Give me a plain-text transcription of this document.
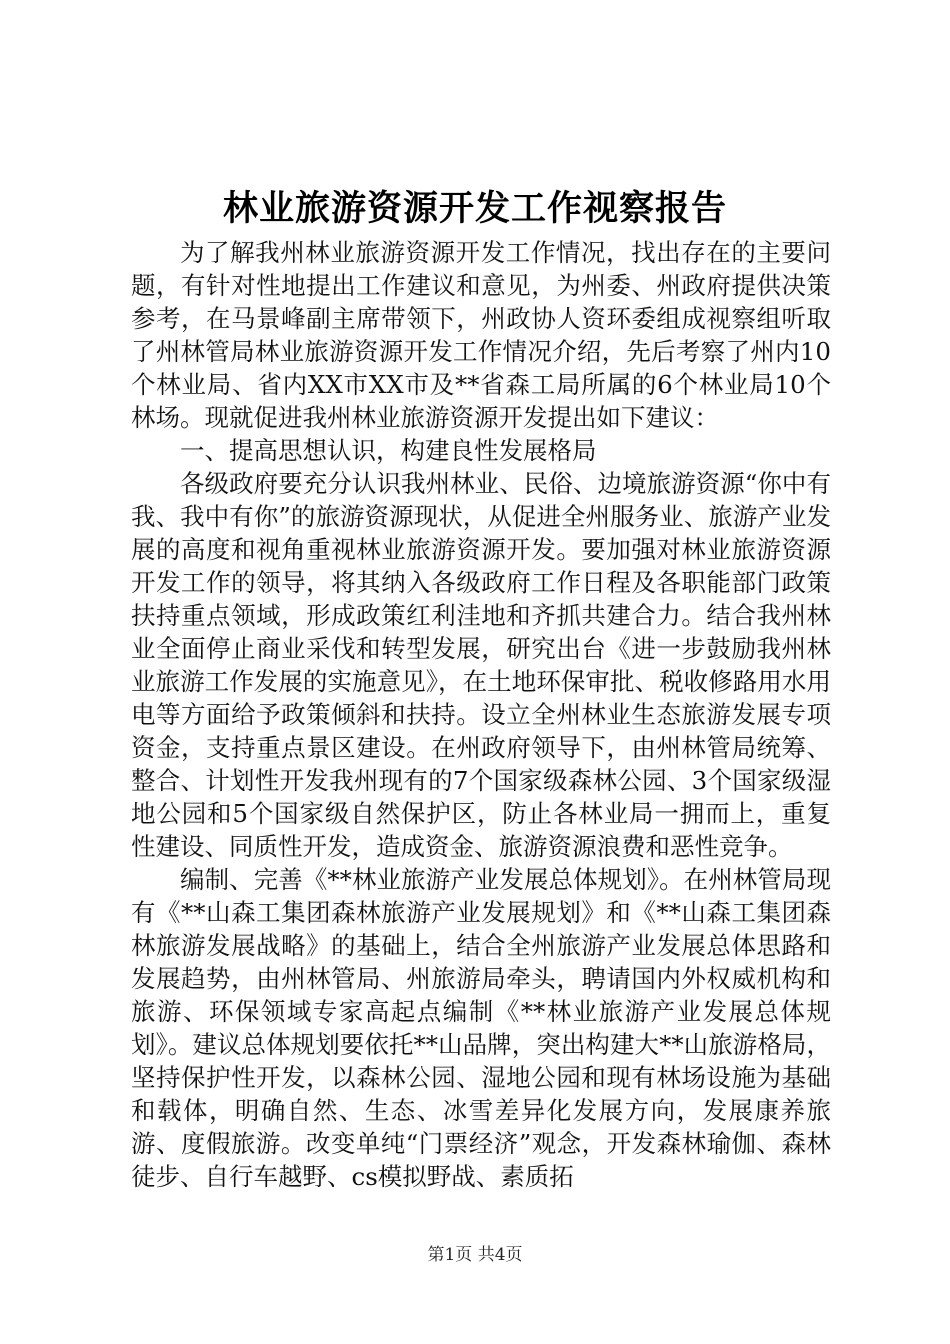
林业旅游资源开发工作视察报告

为了解我州林业旅游资源开发工作情况，找出存在的主要问题，有针对性地提出工作建议和意见，为州委、州政府提供决策参考，在马景峰副主席带领下，州政协人资环委组成视察组听取了州林管局林业旅游资源开发工作情况介绍，先后考察了州内10个林业局、省内XX市XX市及**省森工局所属的6个林业局10个林场。现就促进我州林业旅游资源开发提出如下建议：

一、提高思想认识，构建良性发展格局

各级政府要充分认识我州林业、民俗、边境旅游资源“你中有我、我中有你”的旅游资源现状，从促进全州服务业、旅游产业发展的高度和视角重视林业旅游资源开发。要加强对林业旅游资源开发工作的领导，将其纳入各级政府工作日程及各职能部门政策扶持重点领域，形成政策红利洼地和齐抓共建合力。结合我州林业全面停止商业采伐和转型发展，研究出台《进一步鼓励我州林业旅游工作发展的实施意见》，在土地环保审批、税收修路用水用电等方面给予政策倾斜和扶持。设立全州林业生态旅游发展专项资金，支持重点景区建设。在州政府领导下，由州林管局统筹、整合、计划性开发我州现有的7个国家级森林公园、3个国家级湿地公园和5个国家级自然保护区，防止各林业局一拥而上，重复性建设、同质性开发，造成资金、旅游资源浪费和恶性竞争。

编制、完善《**林业旅游产业发展总体规划》。在州林管局现有《**山森工集团森林旅游产业发展规划》和《**山森工集团森林旅游发展战略》的基础上，结合全州旅游产业发展总体思路和发展趋势，由州林管局、州旅游局牵头，聘请国内外权威机构和旅游、环保领域专家高起点编制《**林业旅游产业发展总体规划》。建议总体规划要依托**山品牌，突出构建大**山旅游格局，坚持保护性开发，以森林公园、湿地公园和现有林场设施为基础和载体，明确自然、生态、冰雪差异化发展方向，发展康养旅游、度假旅游。改变单纯“门票经济”观念，开发森林瑜伽、森林徒步、自行车越野、cs模拟野战、素质拓

第1页 共4页
